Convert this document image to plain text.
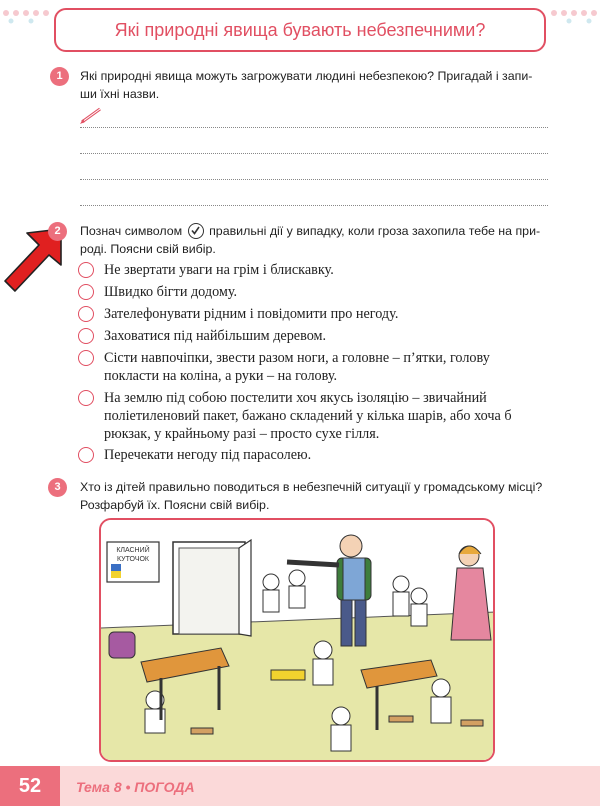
Які природні явища бувають небезпечними?
1	Які природні явища можуть загрожувати людині небезпекою? Пригадай і запи-
ши їхні назви.
2	Познач символом правильні дії у випадку, коли гроза захопила тебе на при-
роді. Поясни свій вибір.
Не звертати уваги на грім і блискавку.
Швидко бігти додому.
Зателефонувати рідним і повідомити про негоду.
Заховатися під найбільшим деревом.
Сісти навпочіпки, звести разом ноги, а головне – п’ятки, голову
покласти на коліна, а руки – на голову.
На землю під собою постелити хоч якусь ізоляцію – звичайний
поліетиленовий пакет, бажано складений у кілька шарів, або хоча б
рюкзак, у крайньому разі – просто сухе гілля.
Перечекати негоду під парасолею.
3	Хто із дітей правильно поводиться в небезпечній ситуації у громадському місці?
Розфарбуй їх. Поясни свій вибір.
КЛАСНИЙ
КУТОЧОК
52	Тема 8 • ПОГОДА
